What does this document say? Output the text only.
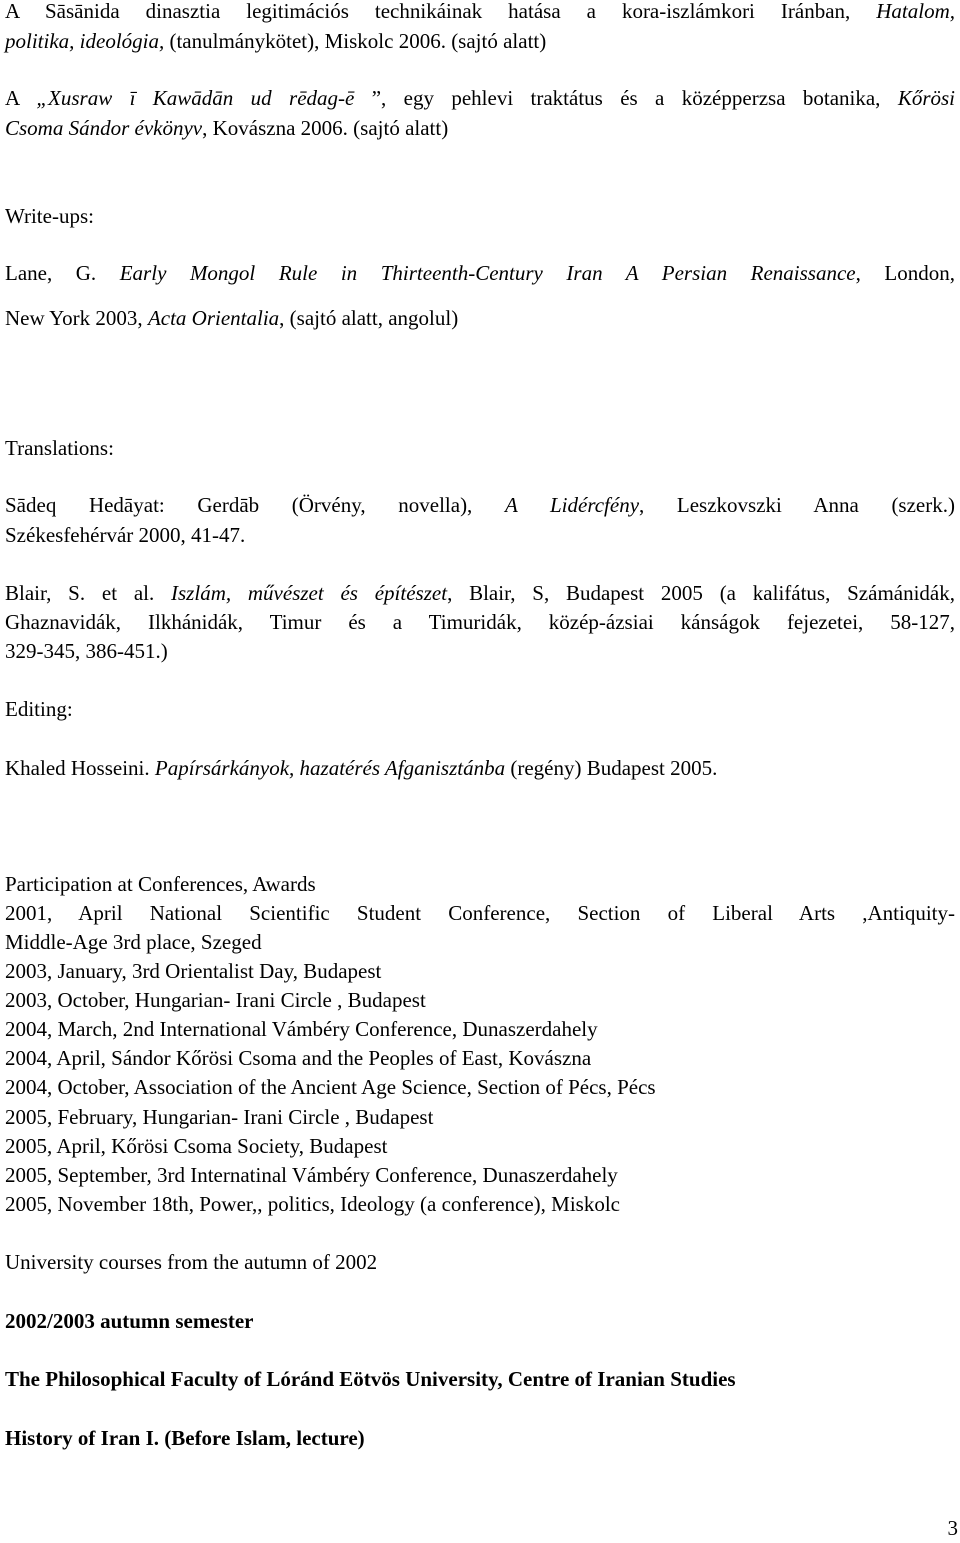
A Sāsānida dinasztia legitimációs technikáinak hatása a kora-iszlámkori Iránban, Hatalom,
politika, ideológia, (tanulmánykötet), Miskolc 2006. (sajtó alatt)
A „Xusraw ī Kawādān ud rēdag-ē ”, egy pehlevi traktátus és a középperzsa botanika, Kőrösi
Csoma Sándor évkönyv, Kovászna 2006. (sajtó alatt)
Write-ups:
Lane, G. Early Mongol Rule in Thirteenth-Century Iran A Persian Renaissance, London,
New York 2003, Acta Orientalia, (sajtó alatt, angolul)
Translations:
Sādeq Hedāyat: Gerdāb (Örvény, novella), A Lidércfény, Leszkovszki Anna (szerk.)
Székesfehérvár 2000, 41-47.
Blair, S. et al. Iszlám, művészet és építészet, Blair, S, Budapest 2005 (a kalifátus, Számánidák,
Ghaznavidák, Ilkhánidák, Timur és a Timuridák, közép-ázsiai kánságok fejezetei, 58-127,
329-345, 386-451.)
Editing:
Khaled Hosseini. Papírsárkányok, hazatérés Afganisztánba (regény) Budapest 2005.
Participation at Conferences, Awards
2001, April National Scientific Student Conference, Section of Liberal Arts ,Antiquity-
Middle-Age 3rd place, Szeged
2003, January, 3rd Orientalist Day, Budapest
2003, October, Hungarian- Irani Circle , Budapest
2004, March, 2nd International Vámbéry Conference, Dunaszerdahely
2004, April, Sándor Kőrösi Csoma and the Peoples of East, Kovászna
2004, October, Association of the Ancient Age Science, Section of Pécs, Pécs
2005, February, Hungarian- Irani Circle , Budapest
2005, April, Kőrösi Csoma Society, Budapest
2005, September, 3rd Internatinal Vámbéry Conference, Dunaszerdahely
2005, November 18th, Power,, politics, Ideology (a conference), Miskolc
University courses from the autumn of 2002
2002/2003 autumn semester
The Philosophical Faculty of Lóránd Eötvös University, Centre of Iranian Studies
History of Iran I. (Before Islam, lecture)
3
